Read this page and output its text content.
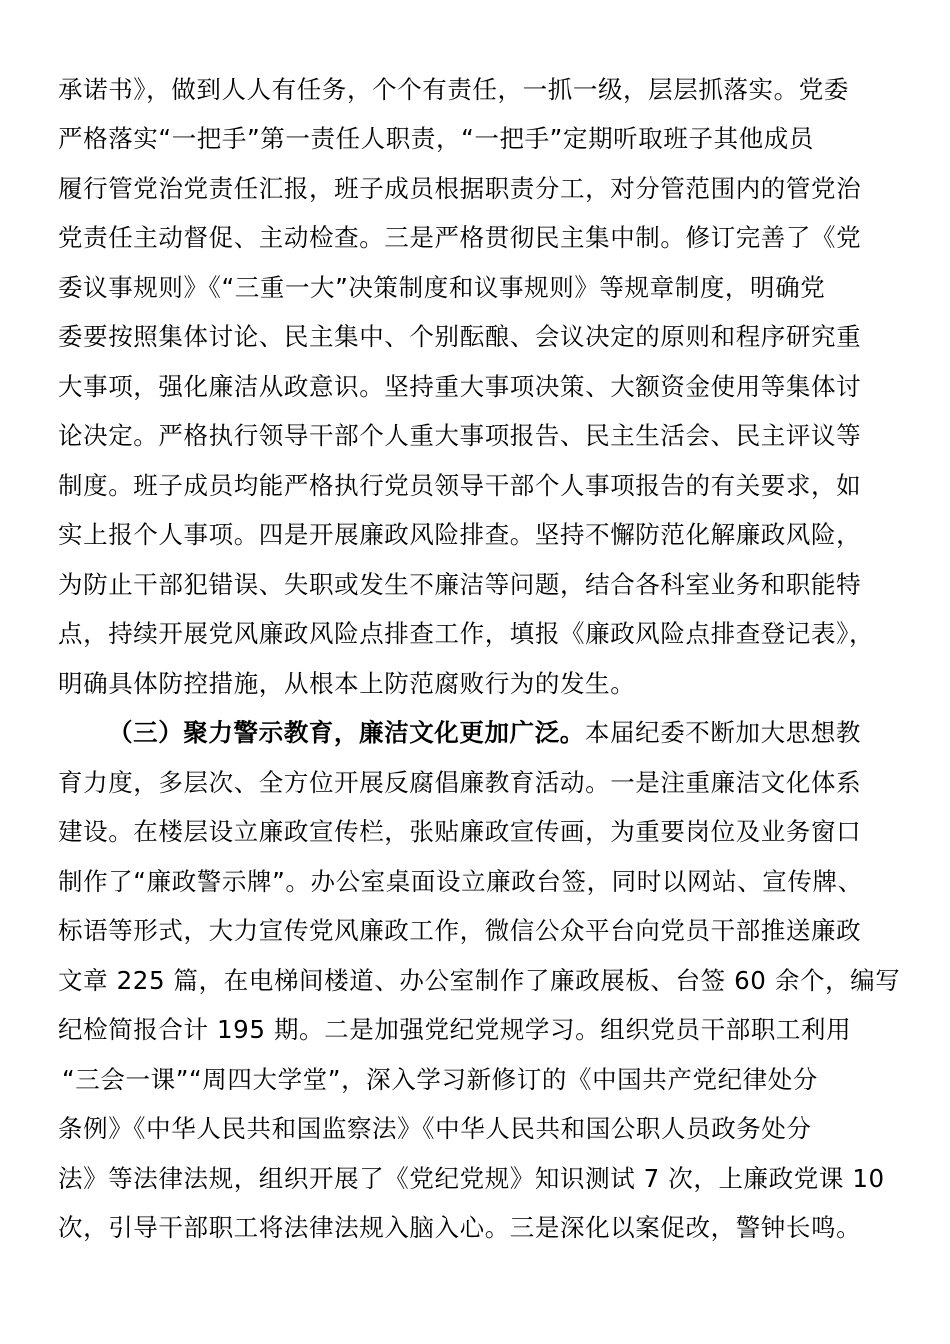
承诺书》，做到人人有任务，个个有责任，一抓一级，层层抓落实。党委
严格落实“一把手”第一责任人职责，“一把手”定期听取班子其他成员
履行管党治党责任汇报，班子成员根据职责分工，对分管范围内的管党治
党责任主动督促、主动检查。三是严格贯彻民主集中制。修订完善了《党
委议事规则》《“三重一大”决策制度和议事规则》等规章制度，明确党
委要按照集体讨论、民主集中、个别酝酿、会议决定的原则和程序研究重
大事项，强化廉洁从政意识。坚持重大事项决策、大额资金使用等集体讨
论决定。严格执行领导干部个人重大事项报告、民主生活会、民主评议等
制度。班子成员均能严格执行党员领导干部个人事项报告的有关要求，如
实上报个人事项。四是开展廉政风险排查。坚持不懈防范化解廉政风险，
为防止干部犯错误、失职或发生不廉洁等问题，结合各科室业务和职能特
点，持续开展党风廉政风险点排查工作，填报《廉政风险点排查登记表》，
明确具体防控措施，从根本上防范腐败行为的发生。
（三）聚力警示教育，廉洁文化更加广泛。本届纪委不断加大思想教
育力度，多层次、全方位开展反腐倡廉教育活动。一是注重廉洁文化体系
建设。在楼层设立廉政宣传栏，张贴廉政宣传画，为重要岗位及业务窗口
制作了“廉政警示牌”。办公室桌面设立廉政台签，同时以网站、宣传牌、
标语等形式，大力宣传党风廉政工作，微信公众平台向党员干部推送廉政
文章 225 篇，在电梯间楼道、办公室制作了廉政展板、台签 60 余个，编写
纪检简报合计 195 期。二是加强党纪党规学习。组织党员干部职工利用
“三会一课”“周四大学堂”，深入学习新修订的《中国共产党纪律处分
条例》《中华人民共和国监察法》《中华人民共和国公职人员政务处分
法》等法律法规，组织开展了《党纪党规》知识测试 7 次，上廉政党课 10
次，引导干部职工将法律法规入脑入心。三是深化以案促改，警钟长鸣。
